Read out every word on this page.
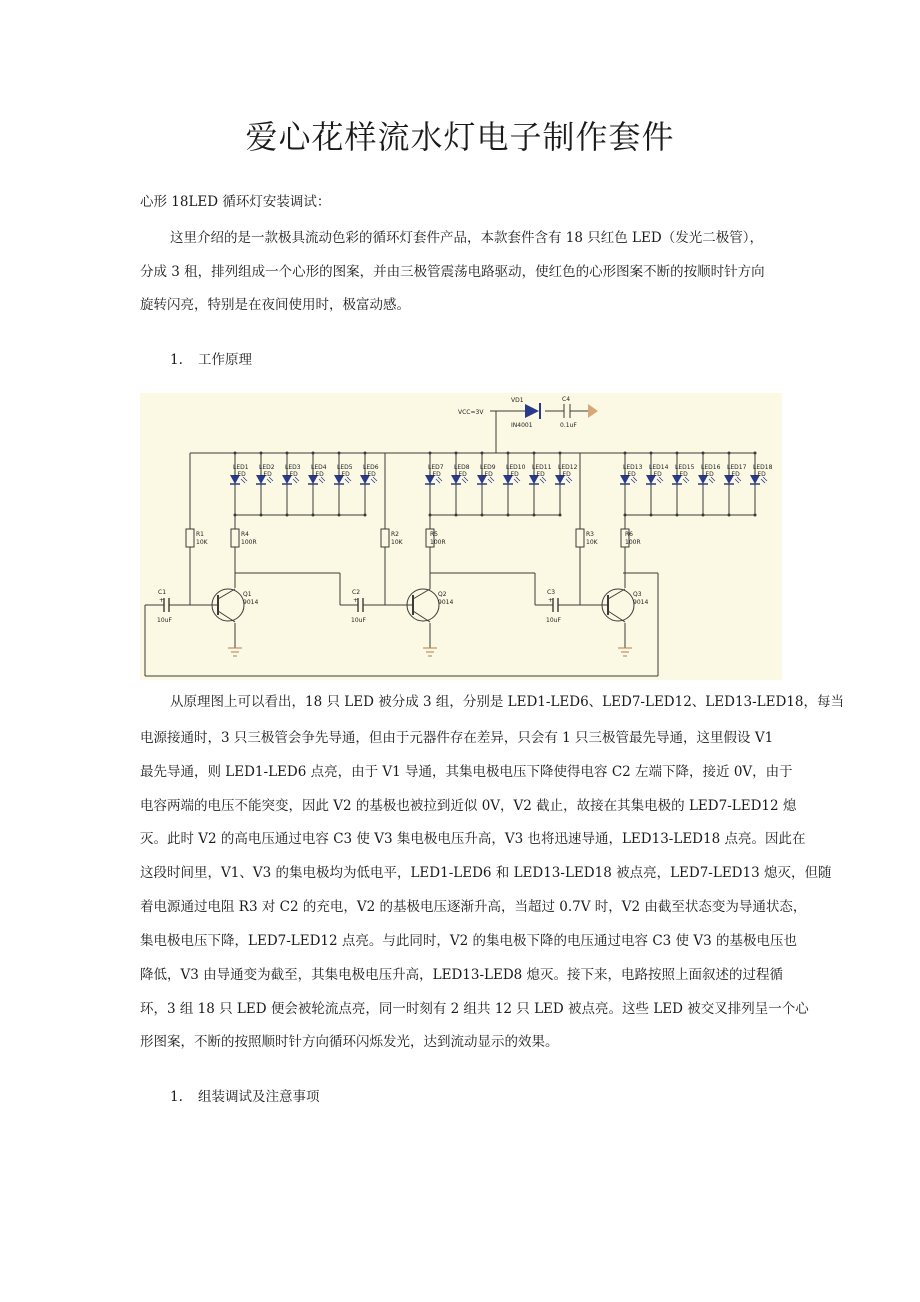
爱心花样流水灯电子制作套件

心形 18LED 循环灯安装调试：

这里介绍的是一款极具流动色彩的循环灯套件产品，本款套件含有 18 只红色 LED（发光二极管），

分成 3 租，排列组成一个心形的图案，并由三极管震荡电路驱动，使红色的心形图案不断的按顺时针方向

旋转闪亮，特别是在夜间使用时，极富动感。

1. 工作原理

LED1
LED
LED2
LED
LED3
LED
LED4
LED
LED5
LED
LED6
LED
LED7
LED
LED8
LED
LED9
LED
LED10
LED
LED11
LED
LED12
LED
LED13
LED
LED14
LED
LED15
LED
LED16
LED
LED17
LED
LED18
LED
VCC=3V
VD1
IN4001
C4
0.1uF
R1
10K
R4
100R
C1
+
10uF
Q1
9014
R2
10K
R5
100R
C2
+
10uF
Q2
9014
R3
10K
R6
100R
C3
+
10uF
Q3
9014

从原理图上可以看出，18 只 LED 被分成 3 组，分别是 LED1-LED6、LED7-LED12、LED13-LED18，每当

电源接通时，3 只三极管会争先导通，但由于元器件存在差异，只会有 1 只三极管最先导通，这里假设 V1

最先导通，则 LED1-LED6 点亮，由于 V1 导通，其集电极电压下降使得电容 C2 左端下降，接近 0V，由于

电容两端的电压不能突变，因此 V2 的基极也被拉到近似 0V，V2 截止，故接在其集电极的 LED7-LED12 熄

灭。此时 V2 的高电压通过电容 C3 使 V3 集电极电压升高，V3 也将迅速导通，LED13-LED18 点亮。因此在

这段时间里，V1、V3 的集电极均为低电平，LED1-LED6 和 LED13-LED18 被点亮，LED7-LED13 熄灭，但随

着电源通过电阻 R3 对 C2 的充电，V2 的基极电压逐渐升高，当超过 0.7V 时，V2 由截至状态变为导通状态，

集电极电压下降，LED7-LED12 点亮。与此同时，V2 的集电极下降的电压通过电容 C3 使 V3 的基极电压也

降低，V3 由导通变为截至，其集电极电压升高，LED13-LED8 熄灭。接下来，电路按照上面叙述的过程循

环，3 组 18 只 LED 便会被轮流点亮，同一时刻有 2 组共 12 只 LED 被点亮。这些 LED 被交叉排列呈一个心

形图案，不断的按照顺时针方向循环闪烁发光，达到流动显示的效果。

1. 组装调试及注意事项
